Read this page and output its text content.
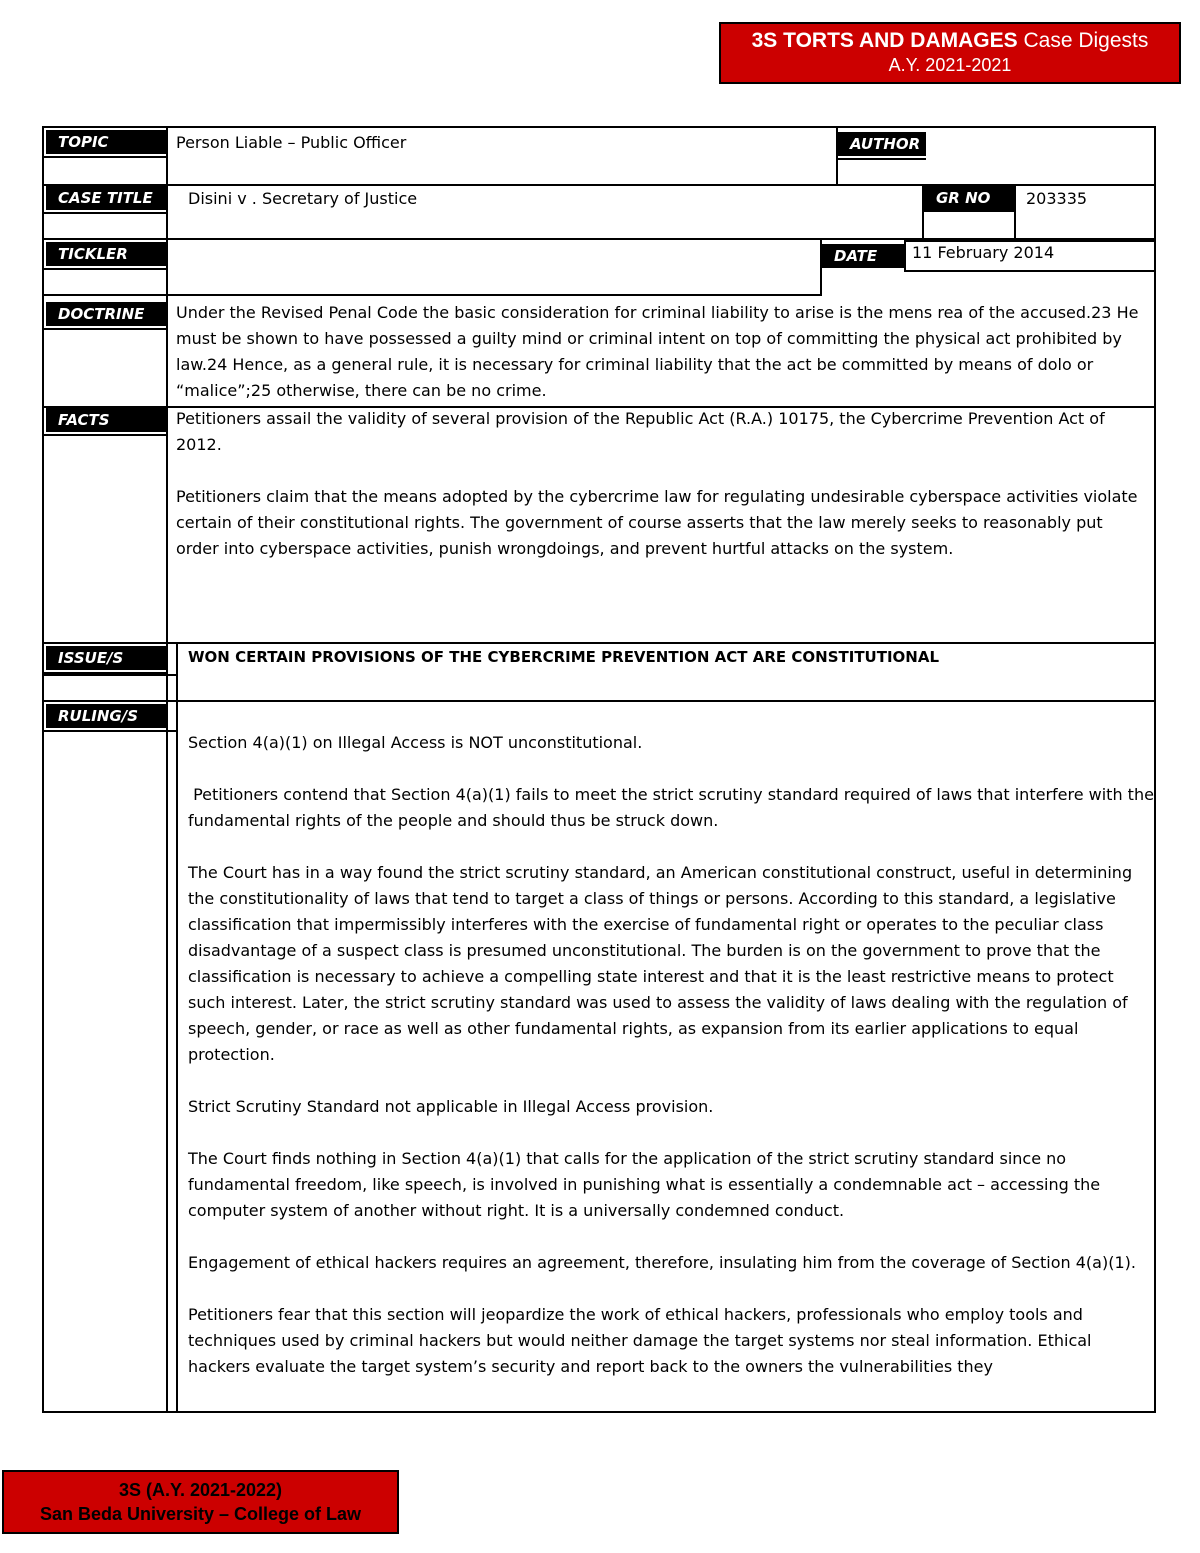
3S TORTS AND DAMAGES Case Digests
A.Y. 2021-2021
TOPIC	Person Liable – Public Officer	AUTHOR
CASE TITLE	Disini v . Secretary of Justice	GR NO	203335
TICKLER	DATE	11 February 2014
DOCTRINE	Under the Revised Penal Code the basic consideration for criminal liability to arise is the mens rea of the accused.23 He must be shown to have possessed a guilty mind or criminal intent on top of committing the physical act prohibited by law.24 Hence, as a general rule, it is necessary for criminal liability that the act be committed by means of dolo or “malice”;25 otherwise, there can be no crime.
FACTS	Petitioners assail the validity of several provision of the Republic Act (R.A.) 10175, the Cybercrime Prevention Act of 2012.

Petitioners claim that the means adopted by the cybercrime law for regulating undesirable cyberspace activities violate certain of their constitutional rights. The government of course asserts that the law merely seeks to reasonably put order into cyberspace activities, punish wrongdoings, and prevent hurtful attacks on the system.

ISSUE/S	WON CERTAIN PROVISIONS OF THE CYBERCRIME PREVENTION ACT ARE CONSTITUTIONAL
RULING/S

Section 4(a)(1) on Illegal Access is NOT unconstitutional.

Petitioners contend that Section 4(a)(1) fails to meet the strict scrutiny standard required of laws that interfere with the fundamental rights of the people and should thus be struck down.

The Court has in a way found the strict scrutiny standard, an American constitutional construct, useful in determining the constitutionality of laws that tend to target a class of things or persons. According to this standard, a legislative classification that impermissibly interferes with the exercise of fundamental right or operates to the peculiar class disadvantage of a suspect class is presumed unconstitutional. The burden is on the government to prove that the classification is necessary to achieve a compelling state interest and that it is the least restrictive means to protect such interest. Later, the strict scrutiny standard was used to assess the validity of laws dealing with the regulation of speech, gender, or race as well as other fundamental rights, as expansion from its earlier applications to equal protection.

Strict Scrutiny Standard not applicable in Illegal Access provision.

The Court finds nothing in Section 4(a)(1) that calls for the application of the strict scrutiny standard since no fundamental freedom, like speech, is involved in punishing what is essentially a condemnable act – accessing the computer system of another without right. It is a universally condemned conduct.

Engagement of ethical hackers requires an agreement, therefore, insulating him from the coverage of Section 4(a)(1).

Petitioners fear that this section will jeopardize the work of ethical hackers, professionals who employ tools and techniques used by criminal hackers but would neither damage the target systems nor steal information. Ethical hackers evaluate the target system’s security and report back to the owners the vulnerabilities they

3S (A.Y. 2021-2022)
San Beda University – College of Law
